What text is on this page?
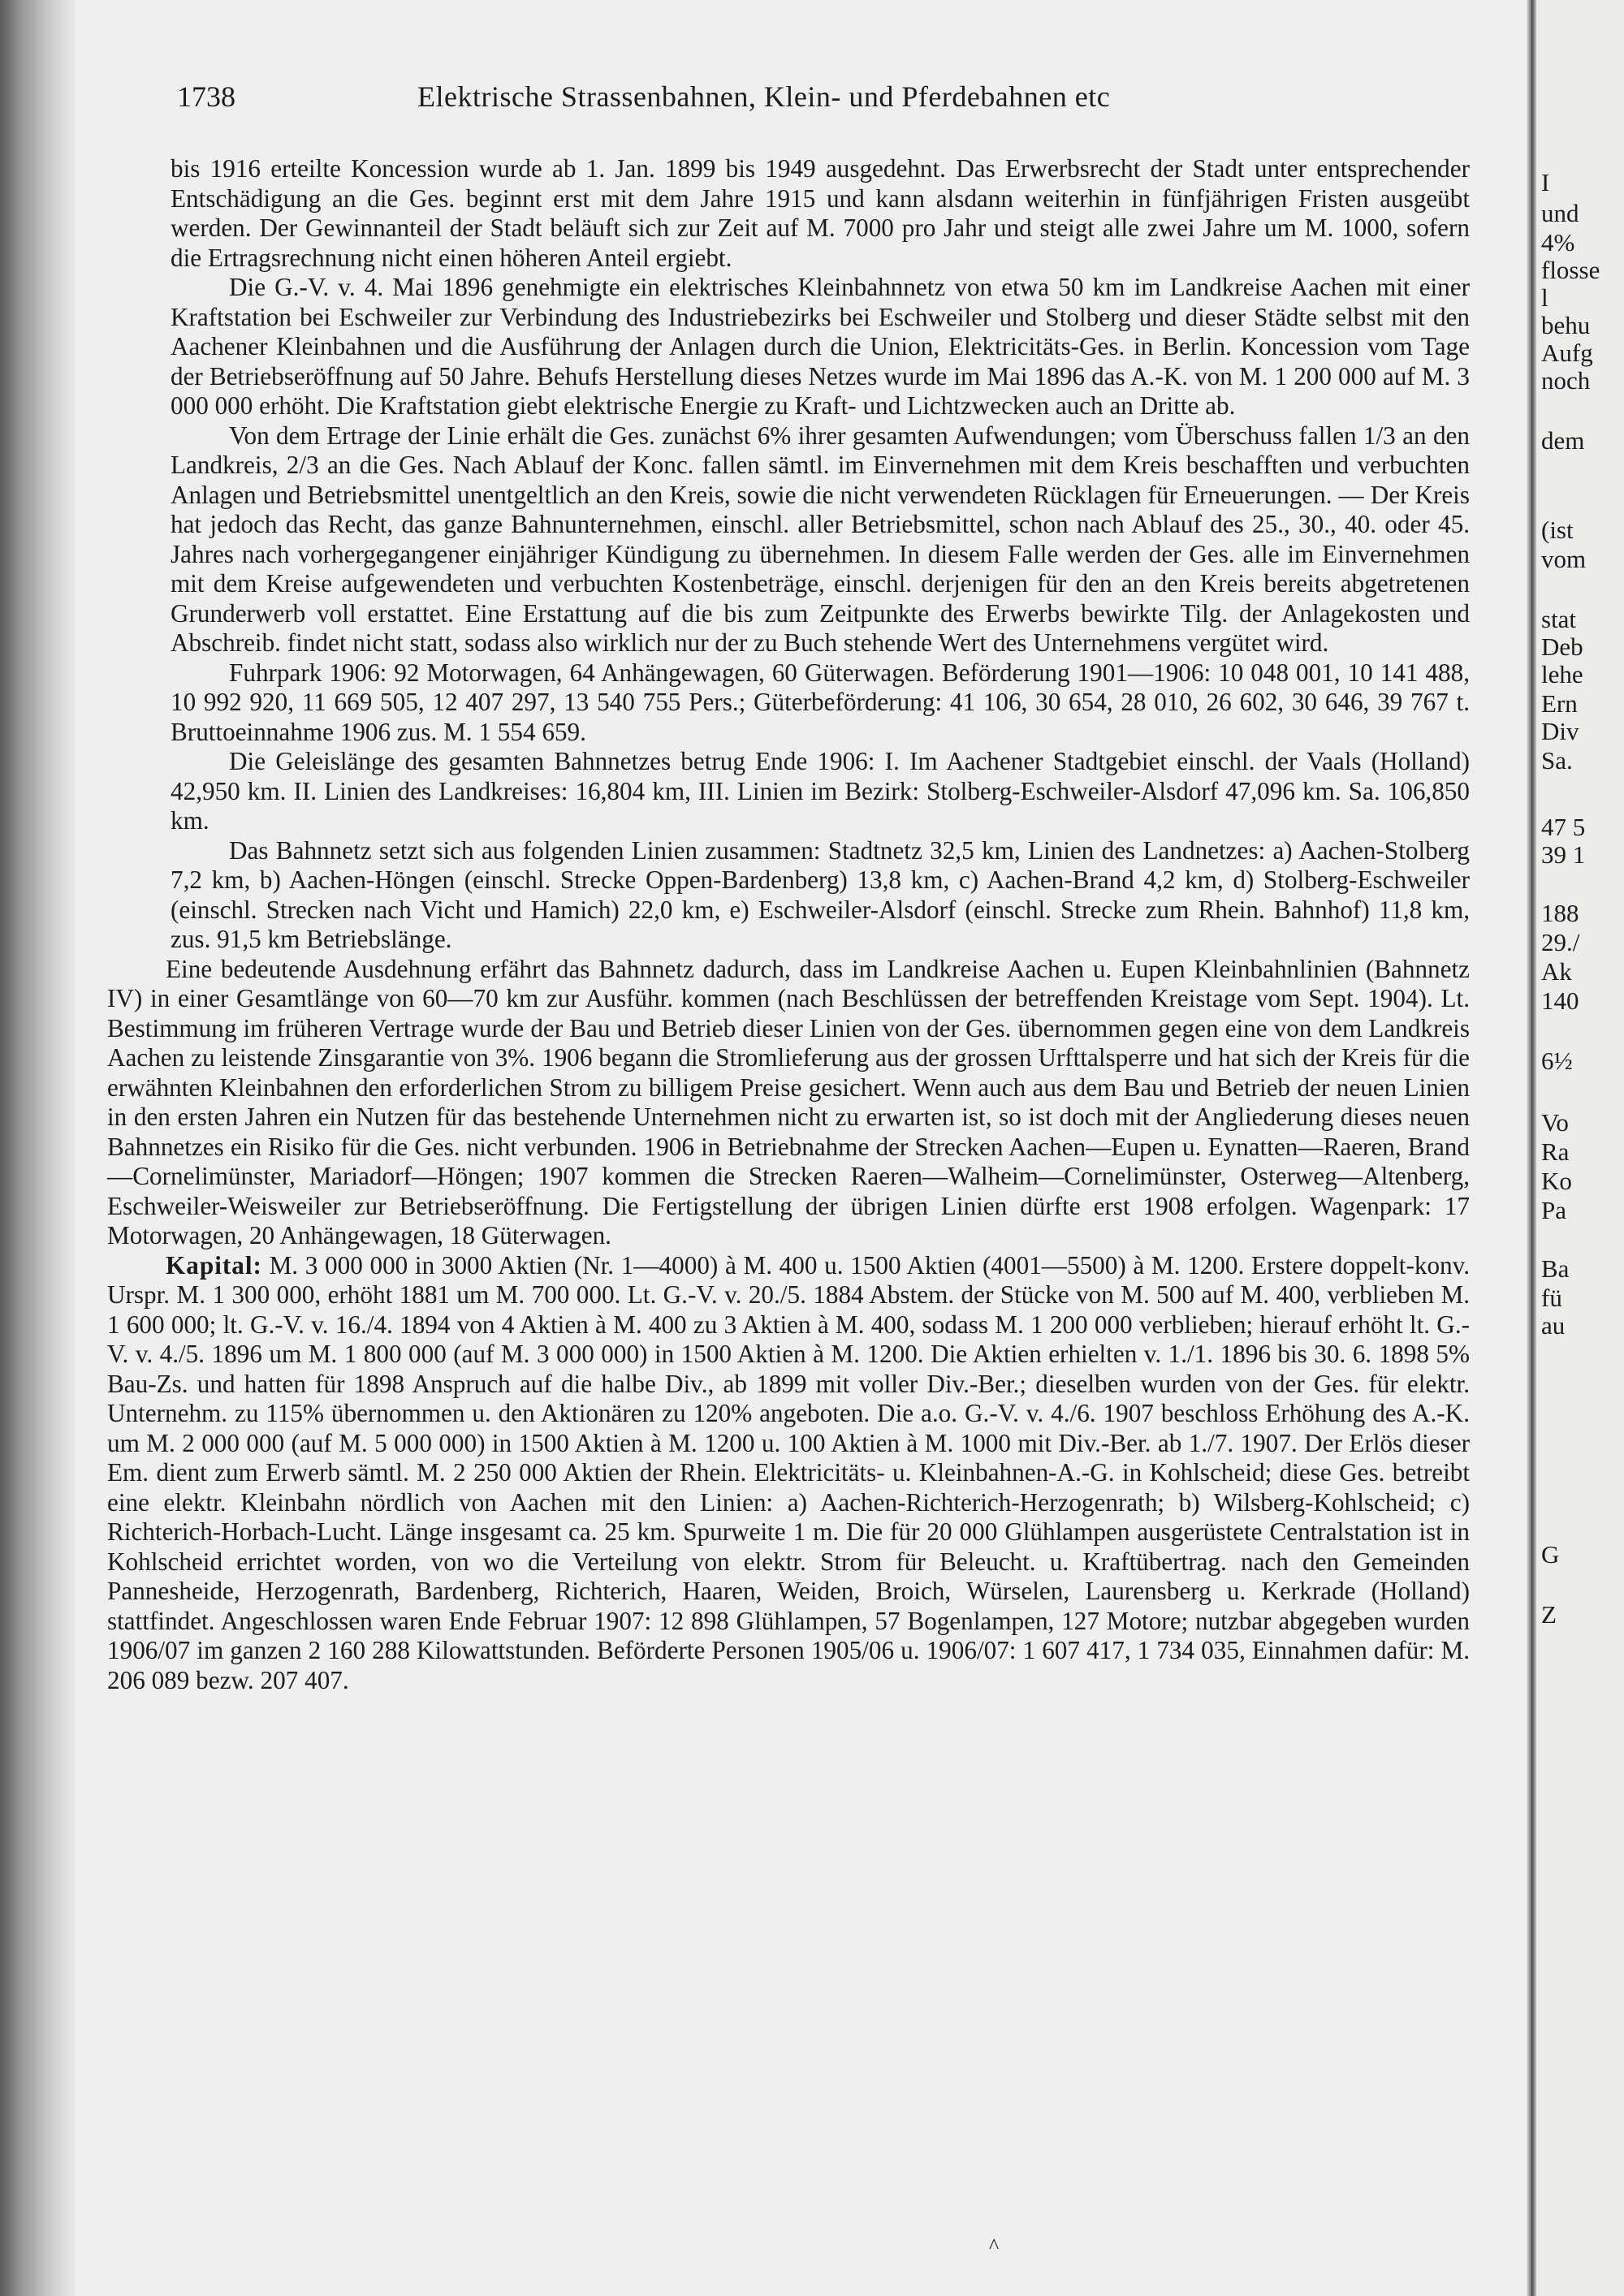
1738	Elektrische Strassenbahnen, Klein- und Pferdebahnen etc

bis 1916 erteilte Koncession wurde ab 1. Jan. 1899 bis 1949 ausgedehnt. Das Erwerbsrecht der Stadt unter entsprechender Entschädigung an die Ges. beginnt erst mit dem Jahre 1915 und kann alsdann weiterhin in fünfjährigen Fristen ausgeübt werden. Der Gewinnanteil der Stadt beläuft sich zur Zeit auf M. 7000 pro Jahr und steigt alle zwei Jahre um M. 1000, sofern die Ertragsrechnung nicht einen höheren Anteil ergiebt.

Die G.-V. v. 4. Mai 1896 genehmigte ein elektrisches Kleinbahnnetz von etwa 50 km im Landkreise Aachen mit einer Kraftstation bei Eschweiler zur Verbindung des Industriebezirks bei Eschweiler und Stolberg und dieser Städte selbst mit den Aachener Kleinbahnen und die Ausführung der Anlagen durch die Union, Elektricitäts-Ges. in Berlin. Koncession vom Tage der Betriebseröffnung auf 50 Jahre. Behufs Herstellung dieses Netzes wurde im Mai 1896 das A.-K. von M. 1 200 000 auf M. 3 000 000 erhöht. Die Kraftstation giebt elektrische Energie zu Kraft- und Lichtzwecken auch an Dritte ab.

Von dem Ertrage der Linie erhält die Ges. zunächst 6% ihrer gesamten Aufwendungen; vom Überschuss fallen 1/3 an den Landkreis, 2/3 an die Ges. Nach Ablauf der Konc. fallen sämtl. im Einvernehmen mit dem Kreis beschafften und verbuchten Anlagen und Betriebsmittel unentgeltlich an den Kreis, sowie die nicht verwendeten Rücklagen für Erneuerungen. — Der Kreis hat jedoch das Recht, das ganze Bahnunternehmen, einschl. aller Betriebsmittel, schon nach Ablauf des 25., 30., 40. oder 45. Jahres nach vorhergegangener einjähriger Kündigung zu übernehmen. In diesem Falle werden der Ges. alle im Einvernehmen mit dem Kreise aufgewendeten und verbuchten Kostenbeträge, einschl. derjenigen für den an den Kreis bereits abgetretenen Grunderwerb voll erstattet. Eine Erstattung auf die bis zum Zeitpunkte des Erwerbs bewirkte Tilg. der Anlagekosten und Abschreib. findet nicht statt, sodass also wirklich nur der zu Buch stehende Wert des Unternehmens vergütet wird.

Fuhrpark 1906: 92 Motorwagen, 64 Anhängewagen, 60 Güterwagen. Beförderung 1901—1906: 10 048 001, 10 141 488, 10 992 920, 11 669 505, 12 407 297, 13 540 755 Pers.; Güterbeförderung: 41 106, 30 654, 28 010, 26 602, 30 646, 39 767 t. Bruttoeinnahme 1906 zus. M. 1 554 659.

Die Geleislänge des gesamten Bahnnetzes betrug Ende 1906: I. Im Aachener Stadtgebiet einschl. der Vaals (Holland) 42,950 km. II. Linien des Landkreises: 16,804 km, III. Linien im Bezirk: Stolberg-Eschweiler-Alsdorf 47,096 km. Sa. 106,850 km.

Das Bahnnetz setzt sich aus folgenden Linien zusammen: Stadtnetz 32,5 km, Linien des Landnetzes: a) Aachen-Stolberg 7,2 km, b) Aachen-Höngen (einschl. Strecke Oppen-Bardenberg) 13,8 km, c) Aachen-Brand 4,2 km, d) Stolberg-Eschweiler (einschl. Strecken nach Vicht und Hamich) 22,0 km, e) Eschweiler-Alsdorf (einschl. Strecke zum Rhein. Bahnhof) 11,8 km, zus. 91,5 km Betriebslänge.

Eine bedeutende Ausdehnung erfährt das Bahnnetz dadurch, dass im Landkreise Aachen u. Eupen Kleinbahnlinien (Bahnnetz IV) in einer Gesamtlänge von 60—70 km zur Ausführ. kommen (nach Beschlüssen der betreffenden Kreistage vom Sept. 1904). Lt. Bestimmung im früheren Vertrage wurde der Bau und Betrieb dieser Linien von der Ges. übernommen gegen eine von dem Landkreis Aachen zu leistende Zinsgarantie von 3%. 1906 begann die Stromlieferung aus der grossen Urfttalsperre und hat sich der Kreis für die erwähnten Kleinbahnen den erforderlichen Strom zu billigem Preise gesichert. Wenn auch aus dem Bau und Betrieb der neuen Linien in den ersten Jahren ein Nutzen für das bestehende Unternehmen nicht zu erwarten ist, so ist doch mit der Angliederung dieses neuen Bahnnetzes ein Risiko für die Ges. nicht verbunden. 1906 in Betriebnahme der Strecken Aachen—Eupen u. Eynatten—Raeren, Brand—Cornelimünster, Mariadorf—Höngen; 1907 kommen die Strecken Raeren—Walheim—Cornelimünster, Osterweg—Altenberg, Eschweiler-Weisweiler zur Betriebseröffnung. Die Fertigstellung der übrigen Linien dürfte erst 1908 erfolgen. Wagenpark: 17 Motorwagen, 20 Anhängewagen, 18 Güterwagen.

Kapital: M. 3 000 000 in 3000 Aktien (Nr. 1—4000) à M. 400 u. 1500 Aktien (4001—5500) à M. 1200. Erstere doppelt-konv. Urspr. M. 1 300 000, erhöht 1881 um M. 700 000. Lt. G.-V. v. 20./5. 1884 Abstem. der Stücke von M. 500 auf M. 400, verblieben M. 1 600 000; lt. G.-V. v. 16./4. 1894 von 4 Aktien à M. 400 zu 3 Aktien à M. 400, sodass M. 1 200 000 verblieben; hierauf erhöht lt. G.-V. v. 4./5. 1896 um M. 1 800 000 (auf M. 3 000 000) in 1500 Aktien à M. 1200. Die Aktien erhielten v. 1./1. 1896 bis 30. 6. 1898 5% Bau-Zs. und hatten für 1898 Anspruch auf die halbe Div., ab 1899 mit voller Div.-Ber.; dieselben wurden von der Ges. für elektr. Unternehm. zu 115% übernommen u. den Aktionären zu 120% angeboten. Die a.o. G.-V. v. 4./6. 1907 beschloss Erhöhung des A.-K. um M. 2 000 000 (auf M. 5 000 000) in 1500 Aktien à M. 1200 u. 100 Aktien à M. 1000 mit Div.-Ber. ab 1./7. 1907. Der Erlös dieser Em. dient zum Erwerb sämtl. M. 2 250 000 Aktien der Rhein. Elektricitäts- u. Kleinbahnen-A.-G. in Kohlscheid; diese Ges. betreibt eine elektr. Kleinbahn nördlich von Aachen mit den Linien: a) Aachen-Richterich-Herzogenrath; b) Wilsberg-Kohlscheid; c) Richterich-Horbach-Lucht. Länge insgesamt ca. 25 km. Spurweite 1 m. Die für 20 000 Glühlampen ausgerüstete Centralstation ist in Kohlscheid errichtet worden, von wo die Verteilung von elektr. Strom für Beleucht. u. Kraftübertrag. nach den Gemeinden Pannesheide, Herzogenrath, Bardenberg, Richterich, Haaren, Weiden, Broich, Würselen, Laurensberg u. Kerkrade (Holland) stattfindet. Angeschlossen waren Ende Februar 1907: 12 898 Glühlampen, 57 Bogenlampen, 127 Motore; nutzbar abgegeben wurden 1906/07 im ganzen 2 160 288 Kilowattstunden. Beförderte Personen 1905/06 u. 1906/07: 1 607 417, 1 734 035, Einnahmen dafür: M. 206 089 bezw. 207 407.

^
I
und
4%
flosse
l
behu
Aufg
noch
dem
(ist
vom
stat
Deb
lehe
Ern
Div
Sa.
47 5
39 1
188
29./
Ak
140
6½
Vo
Ra
Ko
Pa
Ba
fü
au
G
Z
